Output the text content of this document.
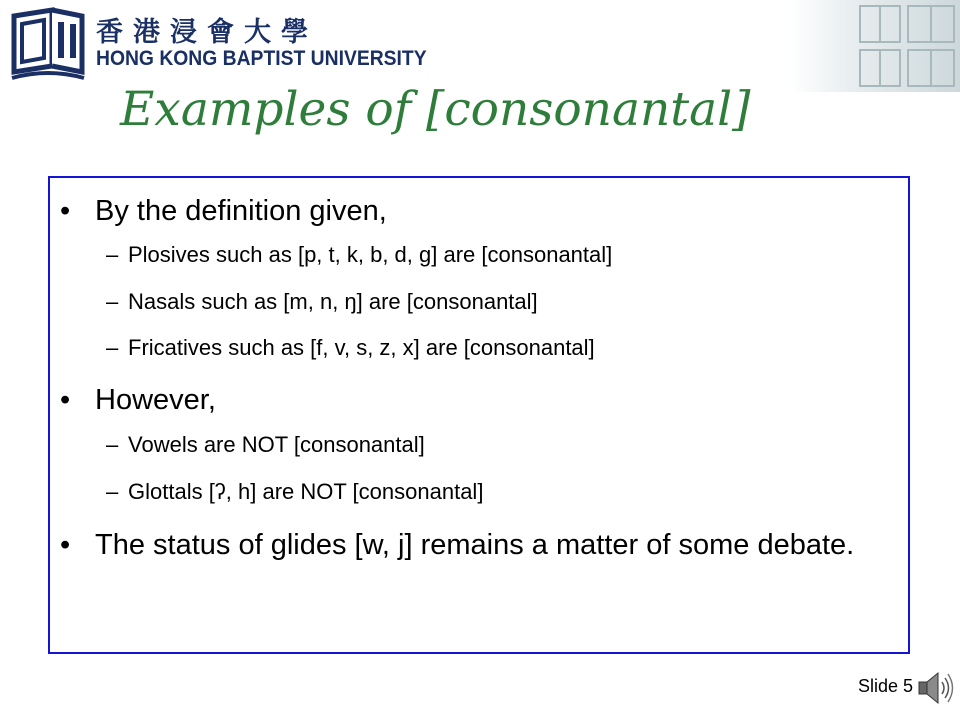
香港浸會大學
HONG KONG BAPTIST UNIVERSITY
Examples of [consonantal]
• By the definition given,
– Plosives such as [p, t, k, b, d, g] are [consonantal]
– Nasals such as [m, n, ŋ] are [consonantal]
– Fricatives such as [f, v, s, z, x] are [consonantal]
• However,
– Vowels are NOT [consonantal]
– Glottals [ʔ, h] are NOT [consonantal]
• The status of glides [w, j] remains a matter of some debate.
Slide 5
